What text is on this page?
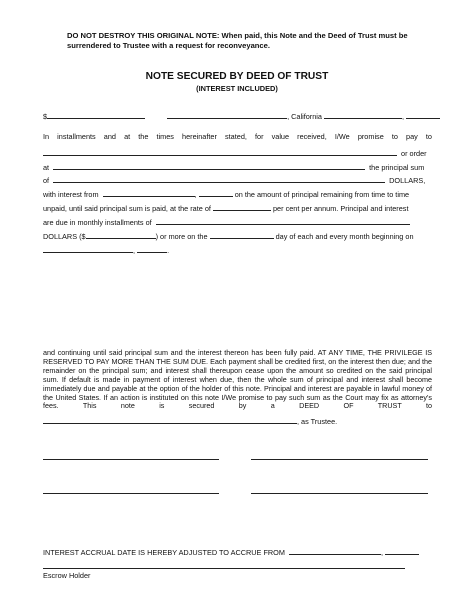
DO NOT DESTROY THIS ORIGINAL NOTE: When paid, this Note and the Deed of Trust must be surrendered to Trustee with a request for reconveyance.
NOTE SECURED BY DEED OF TRUST
(INTEREST INCLUDED)
$	, California	,
In installments and at the times hereinafter stated, for value received, I/We promise to pay to
or order
at	the principal sum
of	DOLLARS,
with interest from	,	on the amount of principal remaining from time to time
unpaid, until said principal sum is paid, at the rate of	per cent per annum. Principal and interest
are due in monthly installments of
DOLLARS ($	) or more on the	day of each and every month beginning on
,	.
and continuing until said principal sum and the interest thereon has been fully paid. AT ANY TIME, THE PRIVILEGE IS RESERVED TO PAY MORE THAN THE SUM DUE. Each payment shall be credited first, on the interest then due; and the remainder on the principal sum; and interest shall thereupon cease upon the amount so credited on the said principal sum. If default is made in payment of interest when due, then the whole sum of principal and interest shall become immediately due and payable at the option of the holder of this note. Principal and interest are payable in lawful money of the United States. If an action is instituted on this note I/We promise to pay such sum as the Court may fix as attorney’s fees. This note is secured by a DEED OF TRUST to
, as Trustee.
INTEREST ACCRUAL DATE IS HEREBY ADJUSTED TO ACCRUE FROM	,
Escrow Holder
